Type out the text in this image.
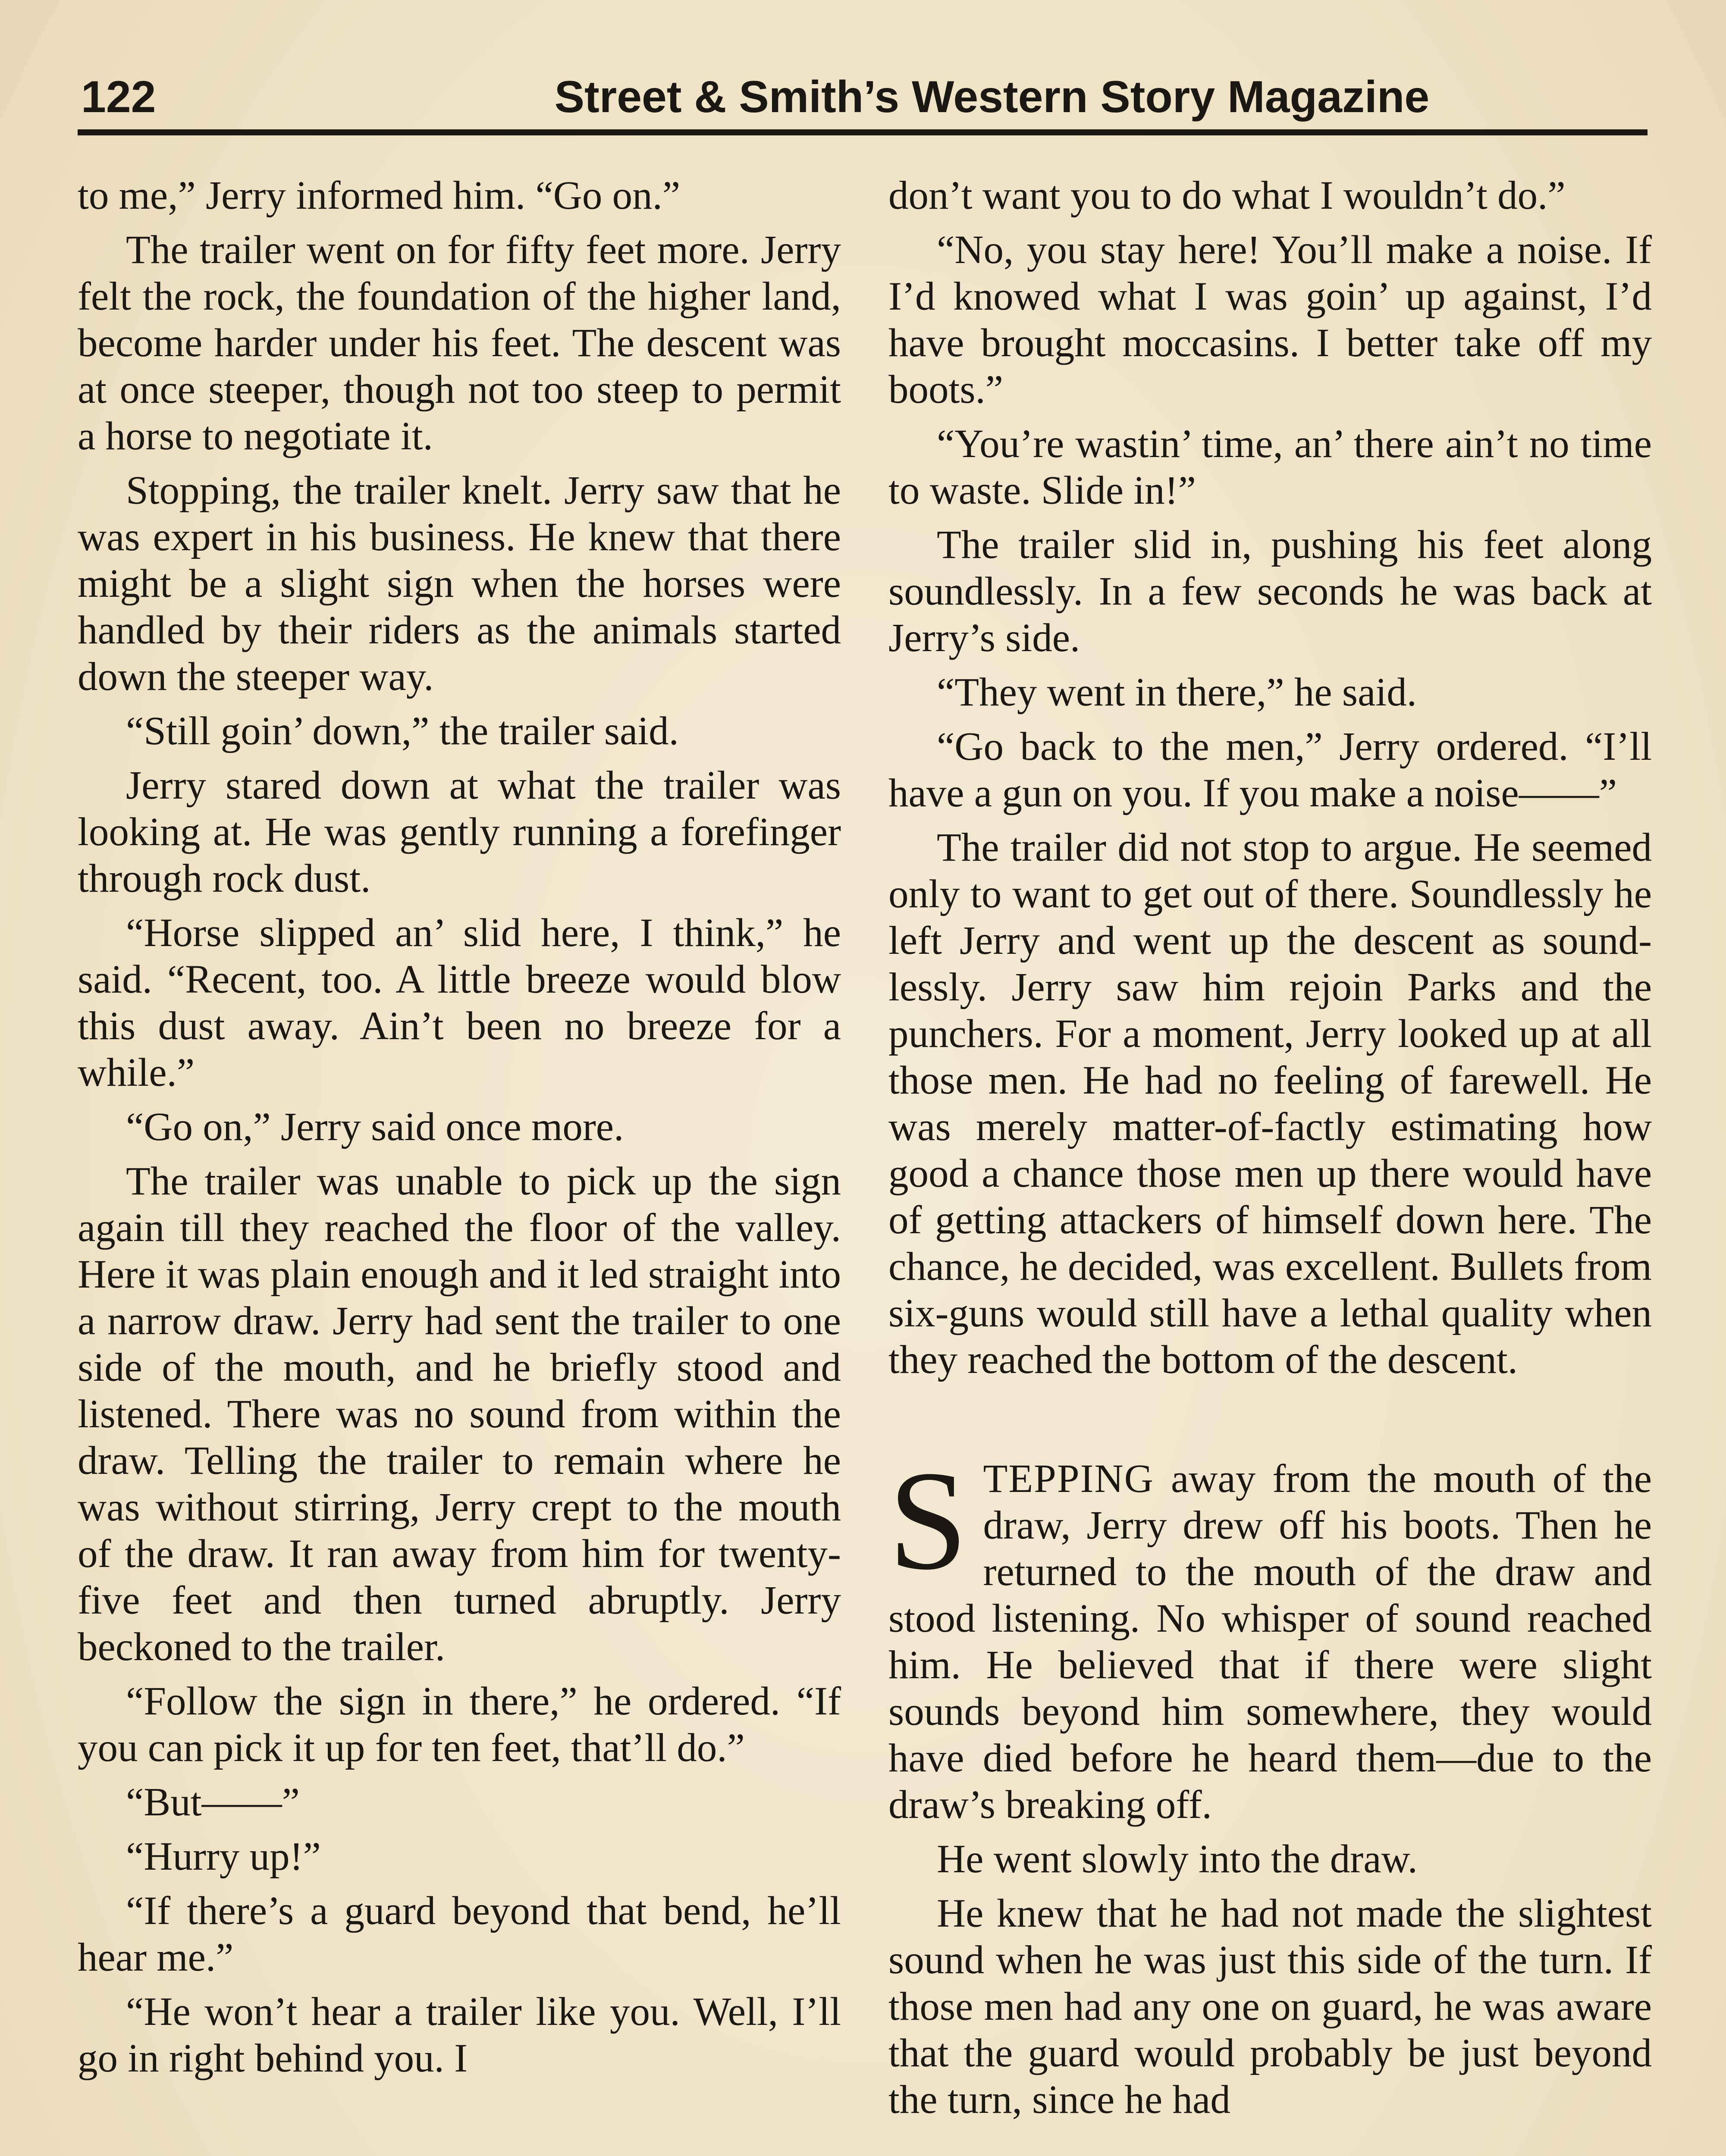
122	Street & Smith’s Western Story Magazine

to me,” Jerry informed him. “Go on.”

The trailer went on for fifty feet more. Jerry felt the rock, the foundation of the higher land, become harder under his feet. The descent was at once steeper, though not too steep to permit a horse to negotiate it.

Stopping, the trailer knelt. Jerry saw that he was expert in his business. He knew that there might be a slight sign when the horses were handled by their riders as the animals started down the steeper way.

“Still goin’ down,” the trailer said.

Jerry stared down at what the trailer was looking at. He was gently running a forefinger through rock dust.

“Horse slipped an’ slid here, I think,” he said. “Recent, too. A little breeze would blow this dust away. Ain’t been no breeze for a while.”

“Go on,” Jerry said once more.

The trailer was unable to pick up the sign again till they reached the floor of the valley. Here it was plain enough and it led straight into a narrow draw. Jerry had sent the trailer to one side of the mouth, and he briefly stood and listened. There was no sound from within the draw. Telling the trailer to remain where he was without stirring, Jerry crept to the mouth of the draw. It ran away from him for twenty-five feet and then turned abruptly. Jerry beckoned to the trailer.

“Follow the sign in there,” he ordered. “If you can pick it up for ten feet, that’ll do.”

“But——”

“Hurry up!”

“If there’s a guard beyond that bend, he’ll hear me.”

“He won’t hear a trailer like you. Well, I’ll go in right behind you. I

don’t want you to do what I wouldn’t do.”

“No, you stay here! You’ll make a noise. If I’d knowed what I was goin’ up against, I’d have brought moccasins. I better take off my boots.”

“You’re wastin’ time, an’ there ain’t no time to waste. Slide in!”

The trailer slid in, pushing his feet along soundlessly. In a few seconds he was back at Jerry’s side.

“They went in there,” he said.

“Go back to the men,” Jerry ordered. “I’ll have a gun on you. If you make a noise——”

The trailer did not stop to argue. He seemed only to want to get out of there. Soundlessly he left Jerry and went up the descent as soundlessly. Jerry saw him rejoin Parks and the punchers. For a moment, Jerry looked up at all those men. He had no feeling of farewell. He was merely matter-of-factly estimating how good a chance those men up there would have of getting attackers of himself down here. The chance, he decided, was excellent. Bullets from six-guns would still have a lethal quality when they reached the bottom of the descent.

STEPPING away from the mouth of the draw, Jerry drew off his boots. Then he returned to the mouth of the draw and stood listening. No whisper of sound reached him. He believed that if there were slight sounds beyond him somewhere, they would have died before he heard them—due to the draw’s breaking off.

He went slowly into the draw.

He knew that he had not made the slightest sound when he was just this side of the turn. If those men had any one on guard, he was aware that the guard would probably be just beyond the turn, since he had
